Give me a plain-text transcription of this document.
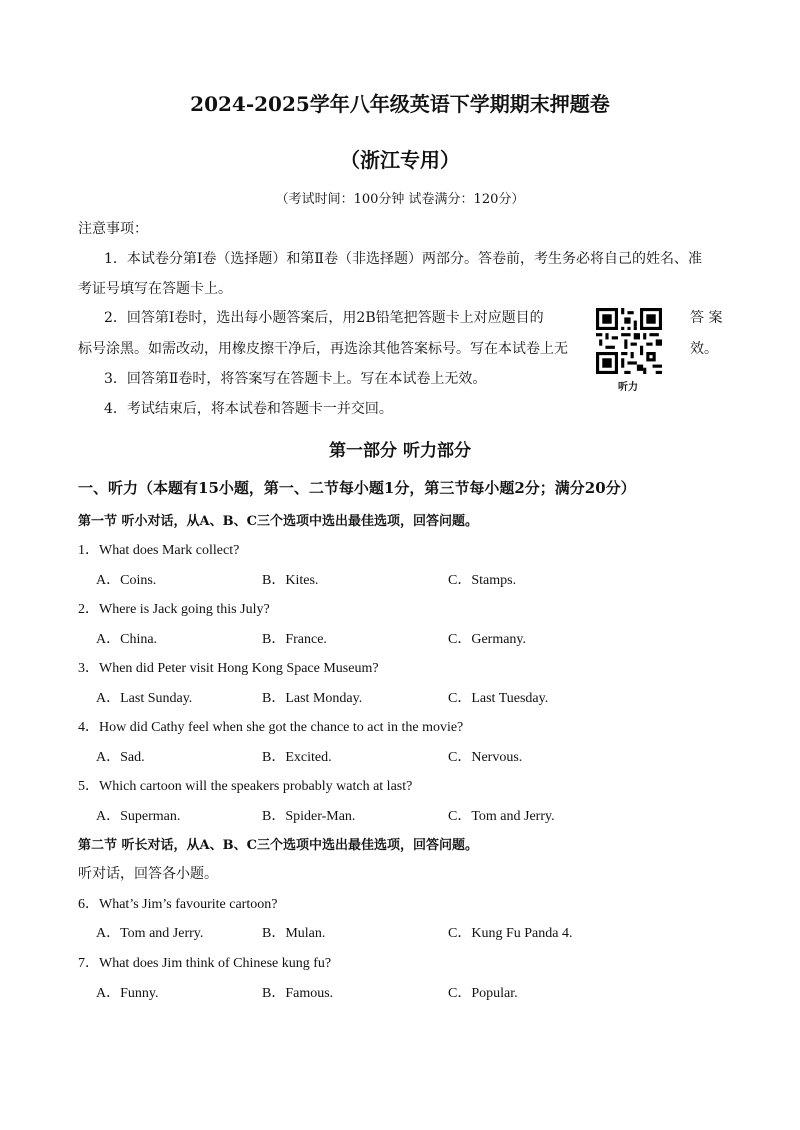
2024-2025学年八年级英语下学期期末押题卷
（浙江专用）
（考试时间：100分钟 试卷满分：120分）
注意事项：
1．本试卷分第Ⅰ卷（选择题）和第Ⅱ卷（非选择题）两部分。答卷前，考生务必将自己的姓名、准
考证号填写在答题卡上。
2．回答第Ⅰ卷时，选出每小题答案后，用2B铅笔把答题卡上对应题目的	答 案
标号涂黑。如需改动，用橡皮擦干净后，再选涂其他答案标号。写在本试卷上无	效。
3．回答第Ⅱ卷时，将答案写在答题卡上。写在本试卷上无效。
4．考试结束后，将本试卷和答题卡一并交回。
听力
第一部分 听力部分
一、听力（本题有15小题，第一、二节每小题1分，第三节每小题2分；满分20分）
第一节 听小对话，从A、B、C三个选项中选出最佳选项，回答问题。
1．What does Mark collect?
A．Coins.	B．Kites.	C．Stamps.
2．Where is Jack going this July?
A．China.	B．France.	C．Germany.
3．When did Peter visit Hong Kong Space Museum?
A．Last Sunday.	B．Last Monday.	C．Last Tuesday.
4．How did Cathy feel when she got the chance to act in the movie?
A．Sad.	B．Excited.	C．Nervous.
5．Which cartoon will the speakers probably watch at last?
A．Superman.	B．Spider-Man.	C．Tom and Jerry.
第二节 听长对话，从A、B、C三个选项中选出最佳选项，回答问题。
听对话，回答各小题。
6．What’s Jim’s favourite cartoon?
A．Tom and Jerry.	B．Mulan.	C．Kung Fu Panda 4.
7．What does Jim think of Chinese kung fu?
A．Funny.	B．Famous.	C．Popular.
